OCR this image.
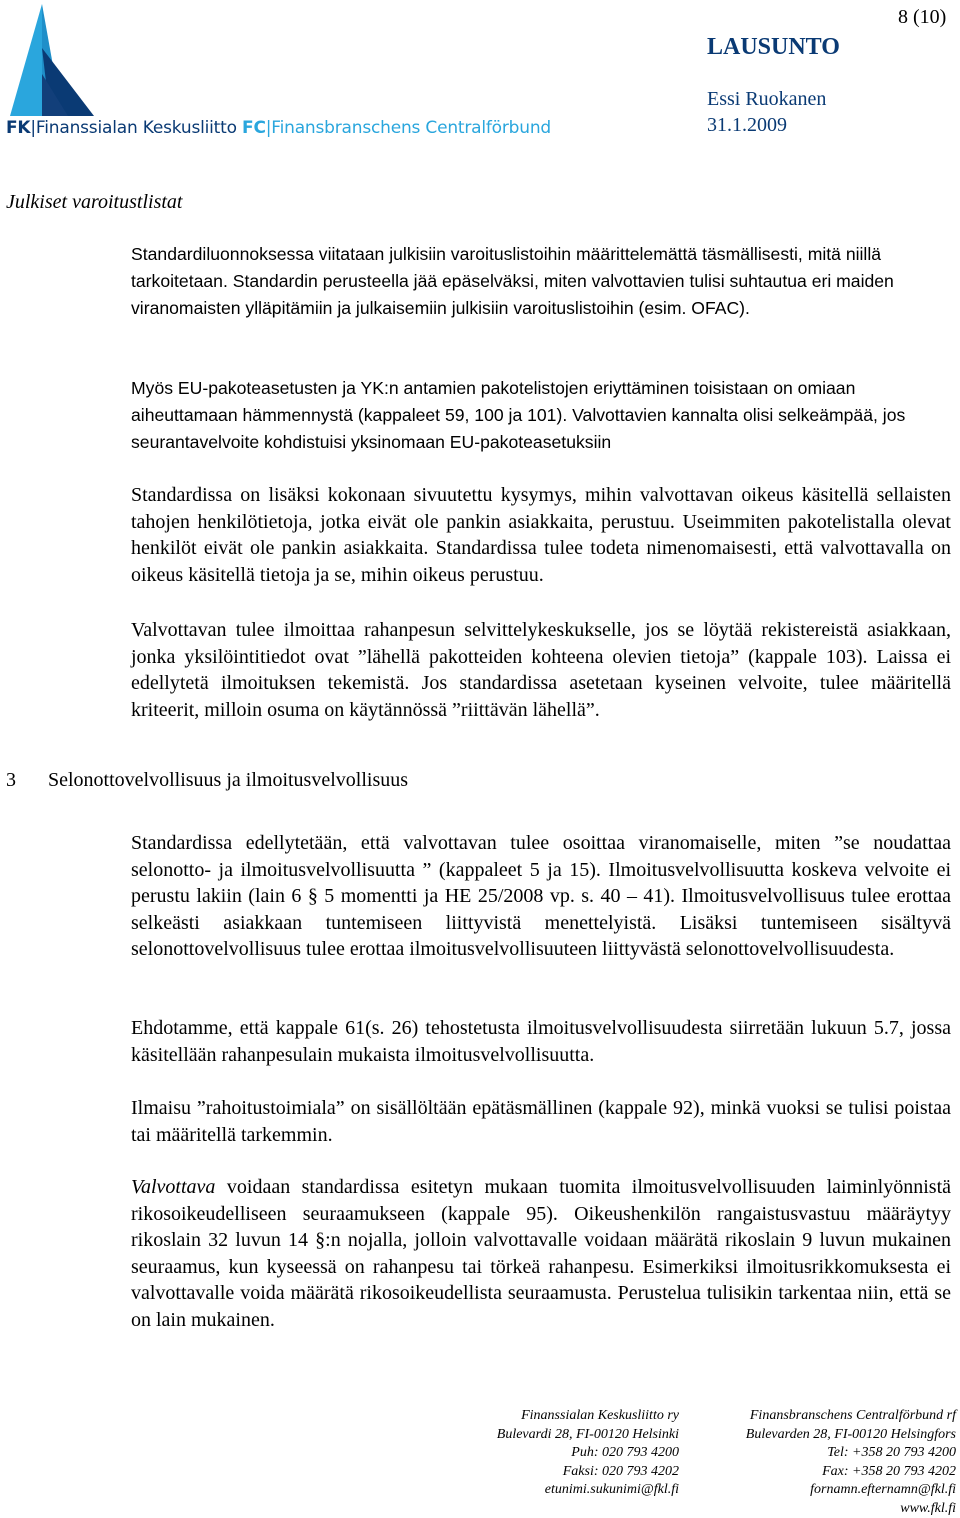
FK|Finanssialan Keskusliitto FC|Finansbranschens Centralförbund
8 (10)
LAUSUNTO
Essi Ruokanen
31.1.2009
Julkiset varoitustlistat

Standardiluonnoksessa viitataan julkisiin varoituslistoihin määrittelemättä täsmällisesti, mitä niillä tarkoitetaan. Standardin perusteella jää epäselväksi, miten valvottavien tulisi suhtautua eri maiden viranomaisten ylläpitämiin ja julkaisemiin julkisiin varoituslistoihin (esim. OFAC).

Myös EU-pakoteasetusten ja YK:n antamien pakotelistojen eriyttäminen toisistaan on omiaan aiheuttamaan hämmennystä (kappaleet 59, 100 ja 101). Valvottavien kannalta olisi selkeämpää, jos seurantavelvoite kohdistuisi yksinomaan EU-pakoteasetuksiin

Standardissa on lisäksi kokonaan sivuutettu kysymys, mihin valvottavan oikeus käsitellä sellaisten tahojen henkilötietoja, jotka eivät ole pankin asiakkaita, perustuu. Useimmiten pakotelistalla olevat henkilöt eivät ole pankin asiakkaita. Standardissa tulee todeta nimenomaisesti, että valvottavalla on oikeus käsitellä tietoja ja se, mihin oikeus perustuu.

Valvottavan tulee ilmoittaa rahanpesun selvittelykeskukselle, jos se löytää rekistereistä asiakkaan, jonka yksilöintitiedot ovat ”lähellä pakotteiden kohteena olevien tietoja” (kappale 103). Laissa ei edellytetä ilmoituksen tekemistä. Jos standardissa asetetaan kyseinen velvoite, tulee määritellä kriteerit, milloin osuma on käytännössä ”riittävän lähellä”.

3 Selonottovelvollisuus ja ilmoitusvelvollisuus

Standardissa edellytetään, että valvottavan tulee osoittaa viranomaiselle, miten ”se noudattaa selonotto- ja ilmoitusvelvollisuutta ” (kappaleet 5 ja 15). Ilmoitusvelvollisuutta koskeva velvoite ei perustu lakiin (lain 6 § 5 momentti ja HE 25/2008 vp. s. 40 – 41). Ilmoitusvelvollisuus tulee erottaa selkeästi asiakkaan tuntemiseen liittyvistä menettelyistä. Lisäksi tuntemiseen sisältyvä selonottovelvollisuus tulee erottaa ilmoitusvelvollisuuteen liittyvästä selonottovelvollisuudesta.

Ehdotamme, että kappale 61(s. 26) tehostetusta ilmoitusvelvollisuudesta siirretään lukuun 5.7, jossa käsitellään rahanpesulain mukaista ilmoitusvelvollisuutta.

Ilmaisu ”rahoitustoimiala” on sisällöltään epätäsmällinen (kappale 92), minkä vuoksi se tulisi poistaa tai määritellä tarkemmin.

Valvottava voidaan standardissa esitetyn mukaan tuomita ilmoitusvelvollisuuden laiminlyönnistä rikosoikeudelliseen seuraamukseen (kappale 95). Oikeushenkilön rangaistusvastuu määräytyy rikoslain 32 luvun 14 §:n nojalla, jolloin valvottavalle voidaan määrätä rikoslain 9 luvun mukainen seuraamus, kun kyseessä on rahanpesu tai törkeä rahanpesu. Esimerkiksi ilmoitusrikkomuksesta ei valvottavalle voida määrätä rikosoikeudellista seuraamusta. Perustelua tulisikin tarkentaa niin, että se on lain mukainen.

Finanssialan Keskusliitto ry
Bulevardi 28, FI-00120 Helsinki
Puh: 020 793 4200
Faksi: 020 793 4202
etunimi.sukunimi@fkl.fi
Finansbranschens Centralförbund rf
Bulevarden 28, FI-00120 Helsingfors
Tel: +358 20 793 4200
Fax: +358 20 793 4202
fornamn.efternamn@fkl.fi
www.fkl.fi
